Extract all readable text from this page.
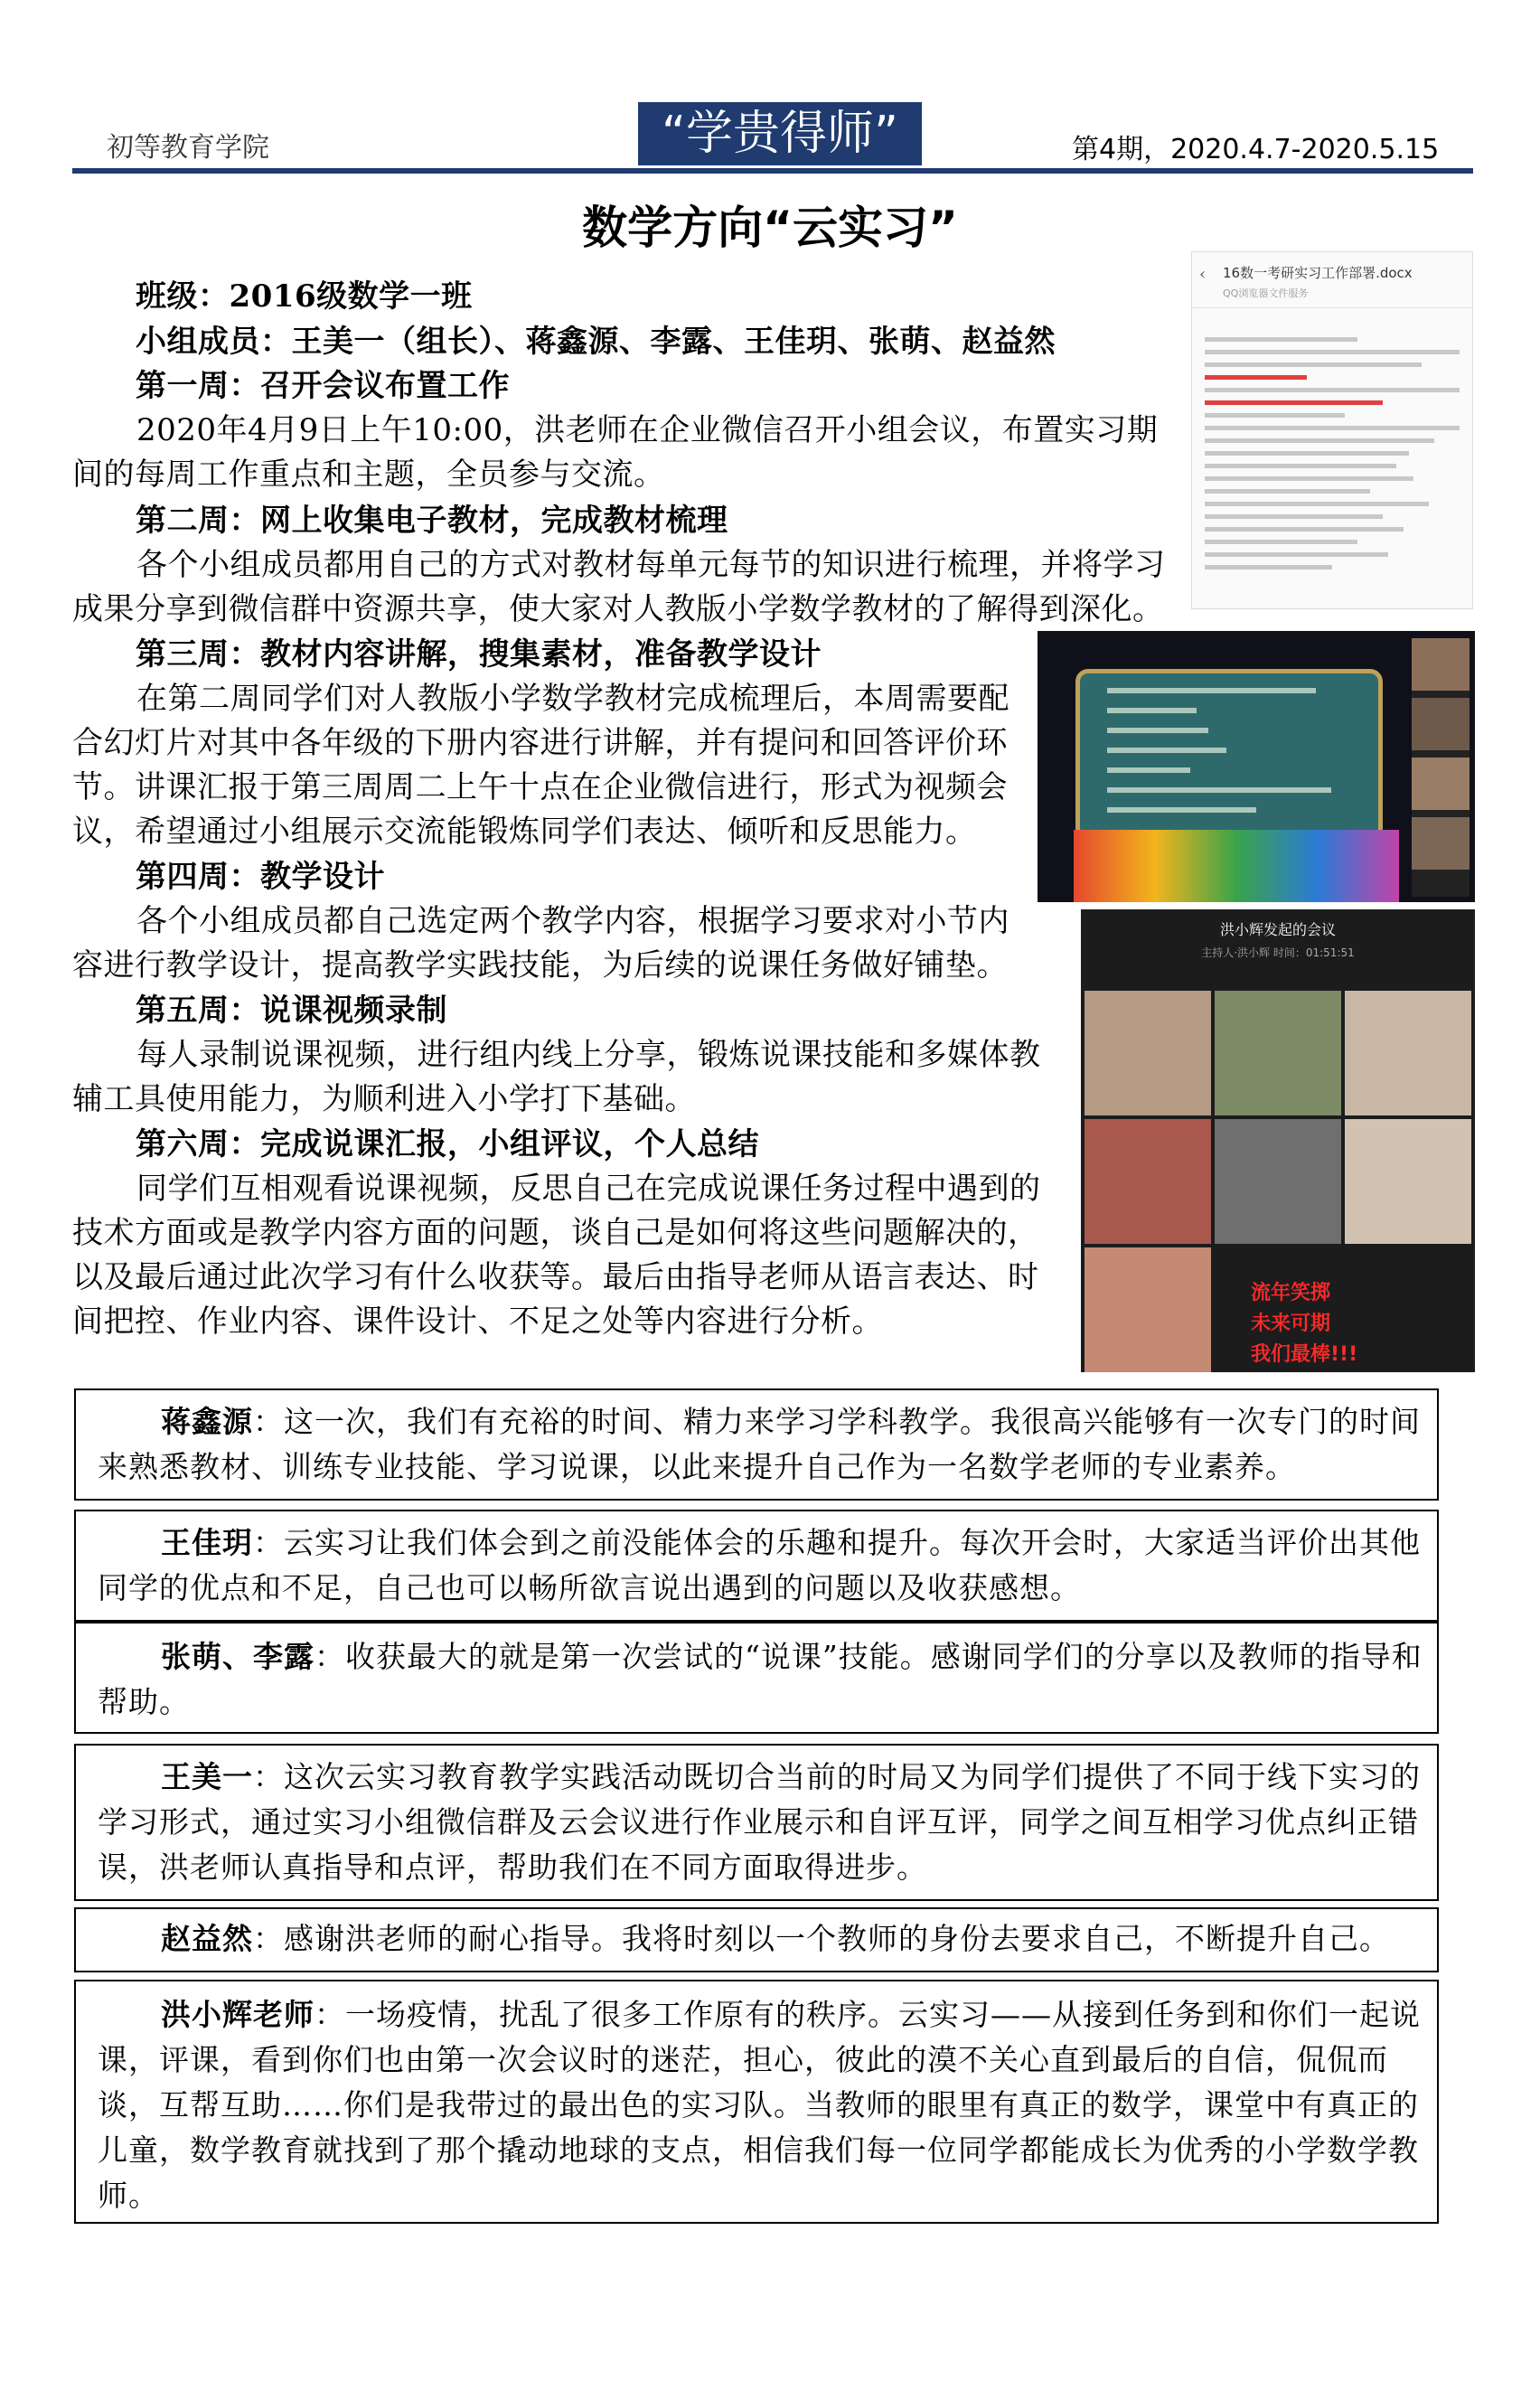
初等教育学院	“学贵得师”	第4期，2020.4.7-2020.5.15
数学方向“云实习”
班级：2016级数学一班
小组成员：王美一（组长）、蒋鑫源、李露、王佳玥、张萌、赵益然
第一周：召开会议布置工作
2020年4月9日上午10:00，洪老师在企业微信召开小组会议，布置实习期间的每周工作重点和主题，全员参与交流。
第二周：网上收集电子教材，完成教材梳理
各个小组成员都用自己的方式对教材每单元每节的知识进行梳理，并将学习成果分享到微信群中资源共享，使大家对人教版小学数学教材的了解得到深化。
第三周：教材内容讲解，搜集素材，准备教学设计
在第二周同学们对人教版小学数学教材完成梳理后，本周需要配合幻灯片对其中各年级的下册内容进行讲解，并有提问和回答评价环节。讲课汇报于第三周周二上午十点在企业微信进行，形式为视频会议，希望通过小组展示交流能锻炼同学们表达、倾听和反思能力。
第四周：教学设计
各个小组成员都自己选定两个教学内容，根据学习要求对小节内容进行教学设计，提高教学实践技能，为后续的说课任务做好铺垫。
第五周：说课视频录制
每人录制说课视频，进行组内线上分享，锻炼说课技能和多媒体教辅工具使用能力，为顺利进入小学打下基础。
第六周：完成说课汇报，小组评议，个人总结
同学们互相观看说课视频，反思自己在完成说课任务过程中遇到的技术方面或是教学内容方面的问题，谈自己是如何将这些问题解决的，以及最后通过此次学习有什么收获等。最后由指导老师从语言表达、时间把控、作业内容、课件设计、不足之处等内容进行分析。
‹	16数一考研实习工作部署.docx
QQ浏览器文件服务
洪小辉发起的会议
主持人·洪小辉 时间：01:51:51
流年笑掷
未来可期
我们最棒!!!

蒋鑫源：这一次，我们有充裕的时间、精力来学习学科教学。我很高兴能够有一次专门的时间来熟悉教材、训练专业技能、学习说课，以此来提升自己作为一名数学老师的专业素养。

王佳玥：云实习让我们体会到之前没能体会的乐趣和提升。每次开会时，大家适当评价出其他同学的优点和不足，自己也可以畅所欲言说出遇到的问题以及收获感想。

张萌、李露：收获最大的就是第一次尝试的“说课”技能。感谢同学们的分享以及教师的指导和帮助。

王美一：这次云实习教育教学实践活动既切合当前的时局又为同学们提供了不同于线下实习的学习形式，通过实习小组微信群及云会议进行作业展示和自评互评，同学之间互相学习优点纠正错误，洪老师认真指导和点评，帮助我们在不同方面取得进步。

赵益然：感谢洪老师的耐心指导。我将时刻以一个教师的身份去要求自己，不断提升自己。

洪小辉老师：一场疫情，扰乱了很多工作原有的秩序。云实习——从接到任务到和你们一起说课，评课，看到你们也由第一次会议时的迷茫，担心，彼此的漠不关心直到最后的自信，侃侃而谈，互帮互助……你们是我带过的最出色的实习队。当教师的眼里有真正的数学，课堂中有真正的儿童，数学教育就找到了那个撬动地球的支点，相信我们每一位同学都能成长为优秀的小学数学教师。
